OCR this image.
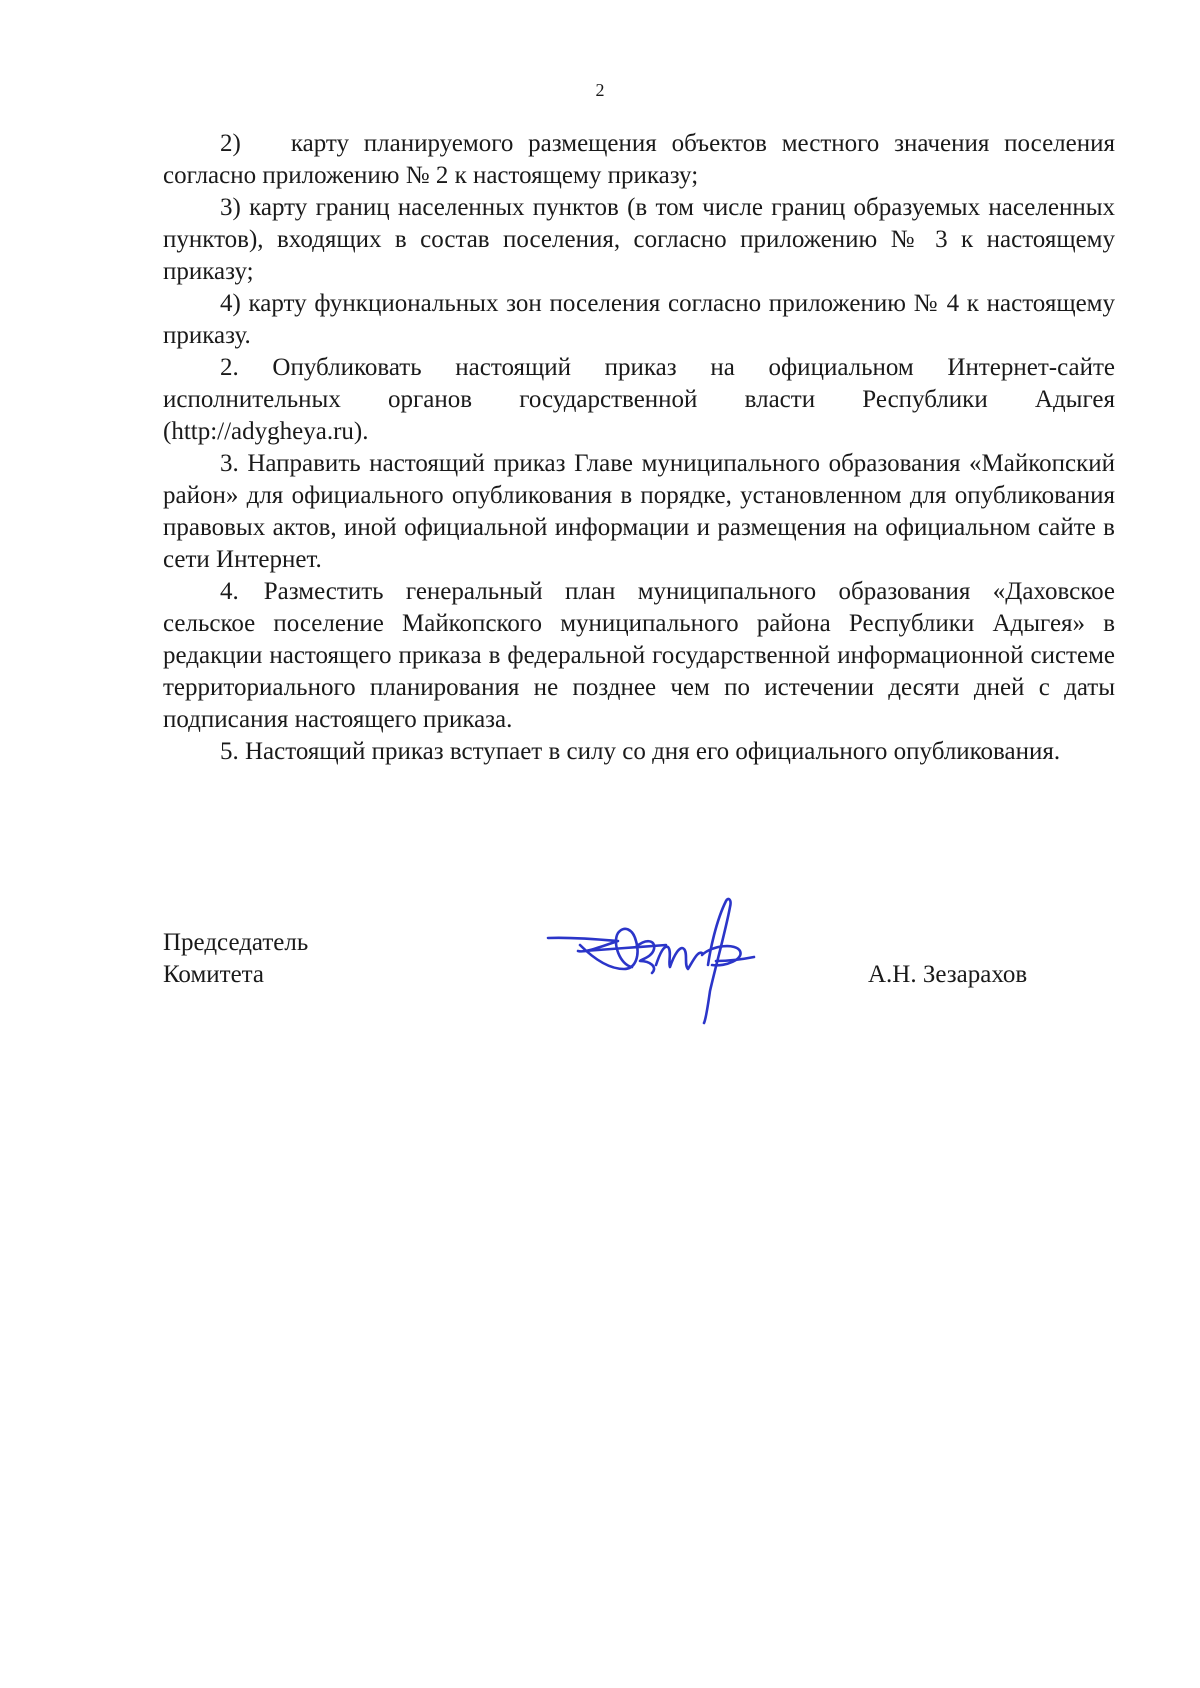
2

2)  карту планируемого размещения объектов местного значения поселения согласно приложению № 2 к настоящему приказу;

3) карту границ населенных пунктов (в том числе границ образуемых населенных пунктов), входящих в состав поселения, согласно приложению № 3 к настоящему приказу;

4) карту функциональных зон поселения согласно приложению № 4 к настоящему приказу.

2. Опубликовать настоящий приказ на официальном Интернет-сайте исполнительных органов государственной власти Республики Адыгея (http://adygheya.ru).

3. Направить настоящий приказ Главе муниципального образования «Майкопский район» для официального опубликования в порядке, установленном для опубликования правовых актов, иной официальной информации и размещения на официальном сайте в сети Интернет.

4. Разместить генеральный план муниципального образования «Даховское сельское поселение Майкопского муниципального района Республики Адыгея» в редакции настоящего приказа в федеральной государственной информационной системе территориального планирования не позднее чем по истечении десяти дней с даты подписания настоящего приказа.

5. Настоящий приказ вступает в силу со дня его официального опубликования.

Председатель
Комитета	А.Н. Зезарахов
